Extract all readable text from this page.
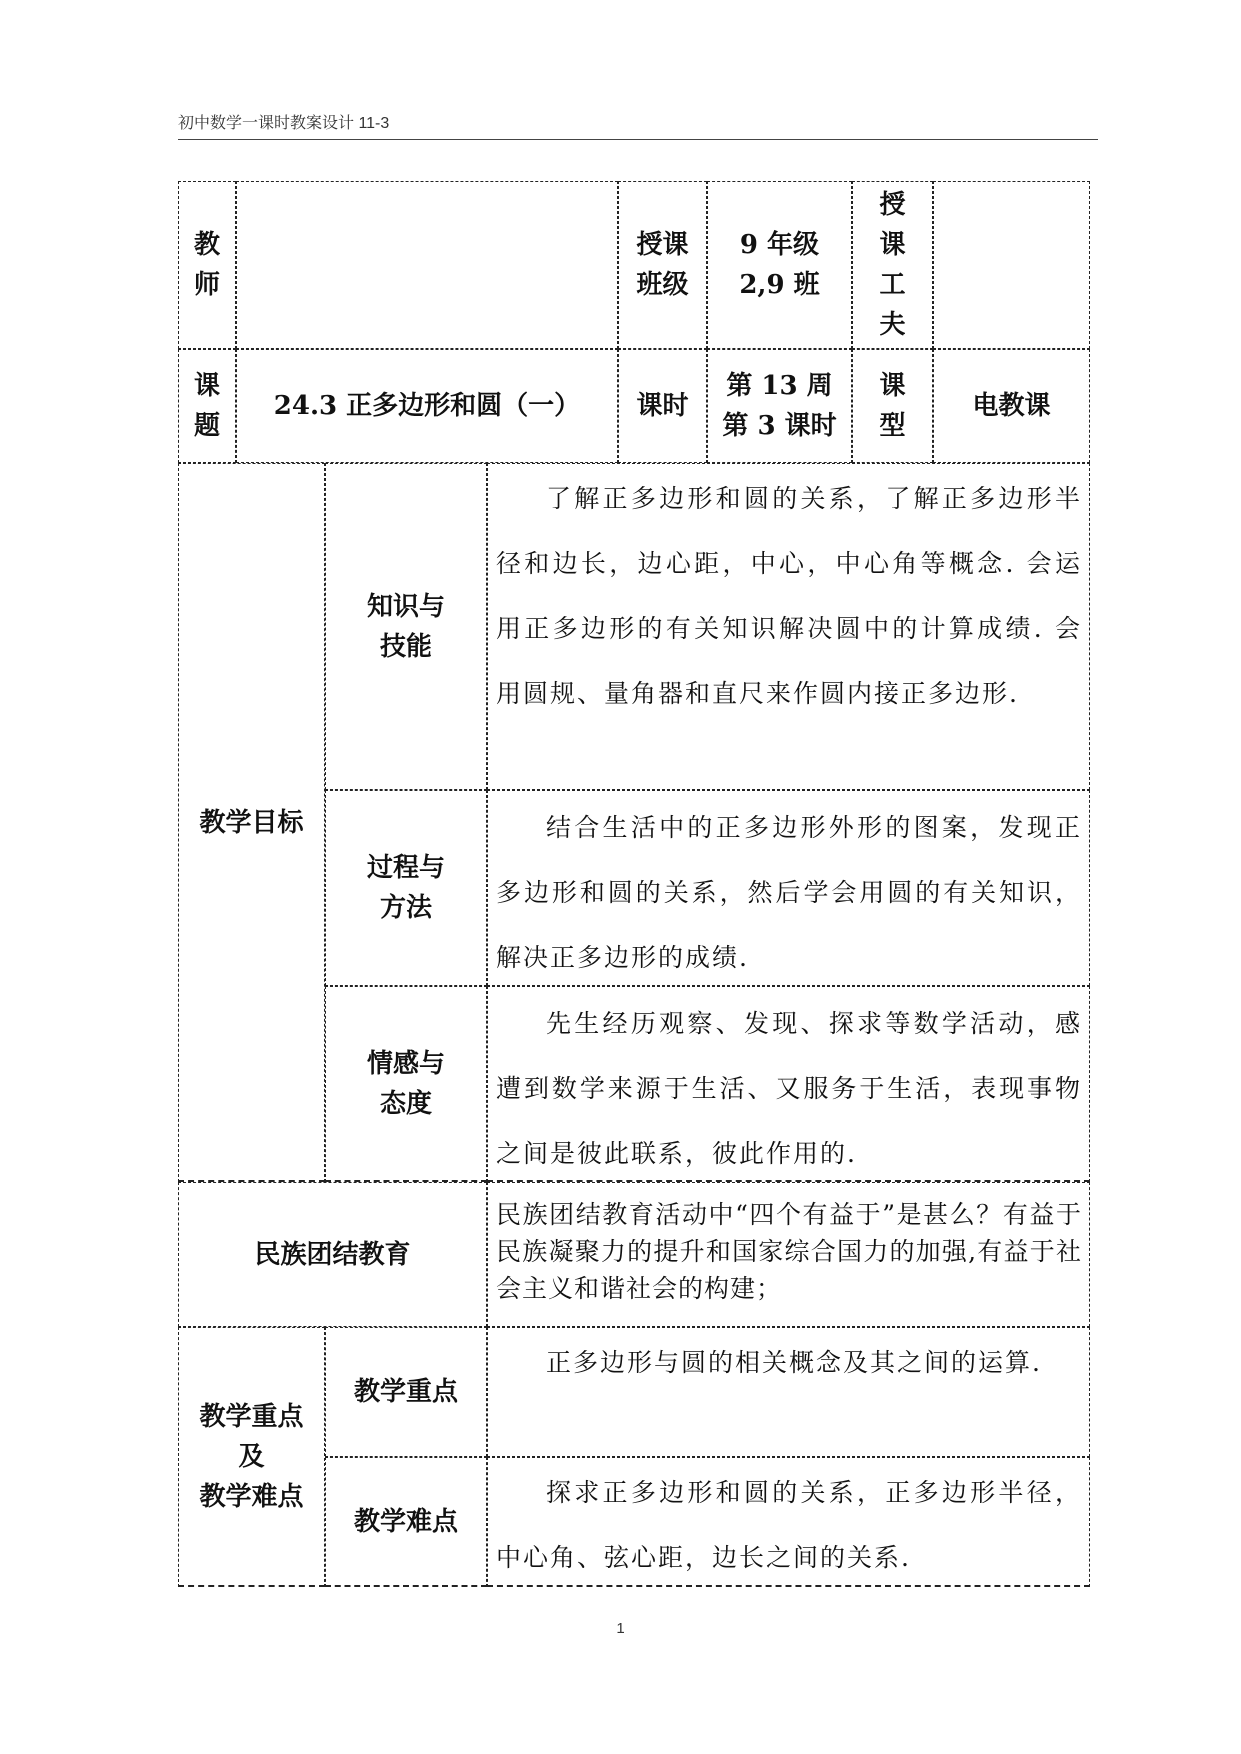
初中数学一课时教案设计 11-3
教
师
授课
班级
9 年级
2,9 班
授
课
工
夫
课
题
24.3 正多边形和圆（一）	课时
第 13 周
第 3 课时
课
型
电教课
教学目标
知识与
技能
了解正多边形和圆的关系，了解正多边形半径和边长，边心距，中心，中心角等概念. 会运用正多边形的有关知识解决圆中的计算成绩. 会用圆规、量角器和直尺来作圆内接正多边形.
过程与
方法
结合生活中的正多边形外形的图案，发现正多边形和圆的关系，然后学会用圆的有关知识，解决正多边形的成绩.
情感与
态度
先生经历观察、发现、探求等数学活动，感遭到数学来源于生活、又服务于生活，表现事物之间是彼此联系，彼此作用的.
民族团结教育
民族团结教育活动中“四个有益于”是甚么？有益于民族凝聚力的提升和国家综合国力的加强,有益于社会主义和谐社会的构建；
教学重点
及
教学难点
教学重点
正多边形与圆的相关概念及其之间的运算.
教学难点
探求正多边形和圆的关系，正多边形半径，中心角、弦心距，边长之间的关系.
1
